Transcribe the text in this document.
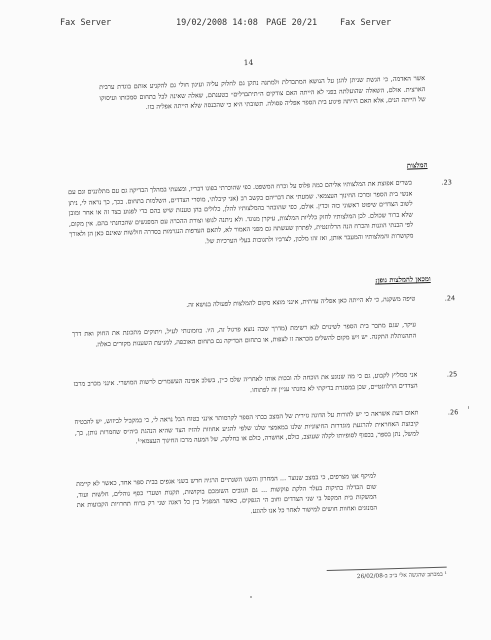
Fax Server	19/02/2008 14:08 PAGE 20/21	Fax Server
14
אשר האדמה, כי הגשת שניתן להגן על הנושא המתבדלת ולמתנה נתקן גם לחלוק עליה ועיגון חולי גם להקניע אותם בוגדת ערבית הארצית. אולם, השאלה שהועלתה בפני לא הייתה האם צודקים ה״תיתבדלים״ בטענתם, שאלה שאינה לבל בתחום סמכותו ועיסוקו של הייתה הנים, אלא האם הייתה פיגוע בית הספר אפליה פסולה. תשובתי היא כי שהכנסה שלא הייתה אפליה בזו.
המלצות
.23
בשרים אפוצת את המלצותיו אליהם כמה פלוס על וכרח המשפט. כפי שהוכרתי בפונו דבריו, ומצעתי במהלך הבדיקה גם עם מתלוננים וגם עם אנשי בית הספר ומרכז החינוך העצמאי. שמעתי את דבריהם בקשב רב (אני קיבלתי, מוסרי הצדדים, השלמות בתחום. בכך, כך נראה לי, ניתן לשוב הצדדים שיפוט ראשוני כזה וכדין. אולם, כפי שהובהר בהמלצותיו להלן, כלולים בהן טענות שיש בהם כדי לפגוע בצד זה או אחר ומובן שלא ברור שכולם. לכן המלצותיו לחוק כלליות המלצות, עיקרן מנוגד. ולא ניתנה לגופו וצורת ההכרה עם המפגשים שהבחנתי בהם. אין מקום, לפי הבנתי הוגנות והכרח הנה הרלוונטית, לפתרון שעשתה גם מפני האמור לא, לתאם העדפות הנגרמות בסדרה חולשות שאינם כאן הן ולאורך מקושרות והמלצותיו והמעבר אותן, ואז זהו מלכון, לצרכיו ולתגובות בעלי הערכיות של.
ומכאן להמלצות גופן:
.24
טיפה משקנה, כי לא הייתה כאן אפליה עדתית, אינני מוצא מקום להמלצות לפעולה בנושא זה.
עיקר, שגם מתבר בית הספר לשינוים לנא רשימת (מדרך שבה נוצא פרגול זה, היו. בוזמונותי לעיל, ויתוקים מתכונת את החוק ואת דרך התהנותלת התקנה. יש ויש מקום להשלים מכראה זו לצפות, או בתחום הבדיקה נם בתחום האוכפה, למניעת השענות מקורים כאלה.
.25
אני ממליץ לקבוע, גם כי מה שנוגע את הוכחה לה ובכות אותו לאחריה שלמ כ׳ין, בשלב אפינה העשמרים לרשות המושרי. אינני מכרב מרכז הצדדים הרלוונטיים, שכן במסגרת בדיקתי לא בוזנתי עניין זה לפתוחו.
.26
תאום דעת אשראה כי יש להורות על הדוגה גזירית של המצב בבתי הספר לקרמותר אינני בטוח הכל נראה לי, כי במקביל לביזוש, יש להבטיח קיבוצת האחראית להרגעת מוגדרות החיצוניות שלנו במאמצי שלנו שלפי להגיע אחוזות להזיז הצד שהיא הנהגת ביה״ס שחמרות נותן, כך, למשל, נתן בספר, בכפוף לסופיותו לקלה שעוצב, כולם, אחשרה, כולם או בחלקה, של המעה מרכז החינוך העצמאי¹.
למיקף אנו מצרפים, כי במצב שנוצר ... המחרון והשגו השנתיים הרגיה חדש בשני אגפים בבית ספר אחד, כאשר לא קיימת שום הבדלה בתיקות בעלר הלקת פוקשות ... גם תגובים השומכם בוקושות, תקנות ושערי כסף נוהלים, חלשות ועוד, המשקות בית המקפל בי שני הצדדים וחוב הי הגפקים, כאשר המפגיל בין כל דאגה שני רק ברוח תחרויות הקבועות את המנוגים ואחוות חושים למישור לאחר כל אנו להוגע.
¹ במכתב שהגשה אלי ב״כ ב-26/02/08
